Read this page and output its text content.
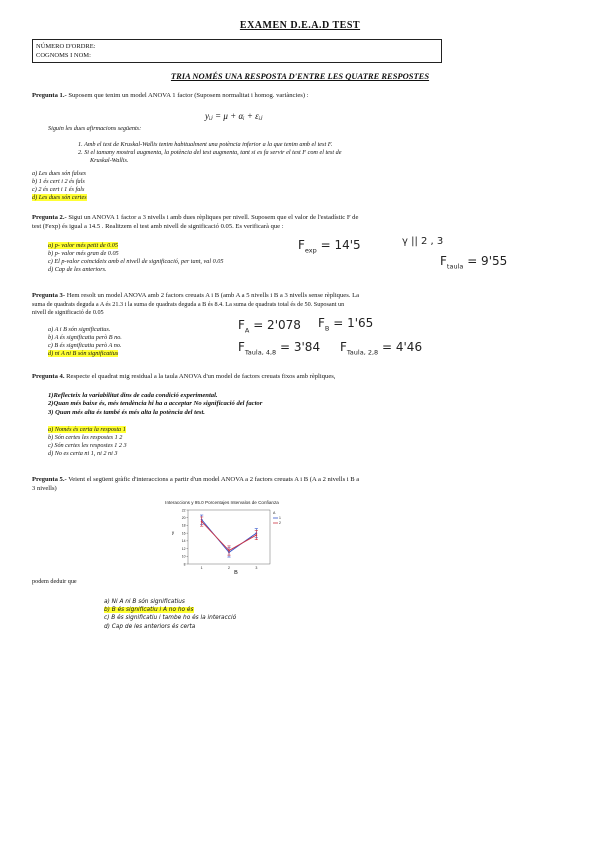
EXAMEN D.E.A.D TEST
NÚMERO D'ORDRE:
COGNOMS I NOM:
TRIA NOMÉS UNA RESPOSTA D'ENTRE LES QUATRE RESPOSTES
Pregunta 1.- Suposem que tenim un model ANOVA 1 factor (Suposem normalitat i homog. variàncies) :
yᵢⱼ = μ + αᵢ + εᵢⱼ
Siguin les dues afirmacions següents:
1. Amb el test de Kruskal-Wallis tenim habitualment una potència inferior a la que tenim amb el test F.
2. Si el tamany mostral augmenta, la potència del test augmenta, tant si es fa servir el test F com el test de
Kruskal-Wallis.
a) Les dues són falses
b) 1 és cert i 2 és fals
c) 2 és cert i 1 és fals
d) Les dues són certes
Pregunta 2.- Sigui un ANOVA 1 factor a 3 nivells i amb dues rèpliques per nivell. Suposem que el valor de l'estadístic F de
test (Fexp) és igual a 14.5 . Realitzem el test amb nivell de significació 0.05. Es verificarà que :
a) p- valor més petit de 0.05
b) p- valor més gran de 0.05
c) El p-valor coincideix amb el nivell de significació, per tant, val 0.05
d) Cap de les anteriors.
$F_{exp} = 14'5$	γ || 2 , 3
$F_{taula} = 9'55$
Pregunta 3- Hem resolt un model ANOVA amb 2 factors creuats A i B (amb A a 5 nivells i B a 3 nivells sense rèpliques. La
suma de quadrats deguda a A és 21.3 i la suma de quadrats deguda a B és 8.4. La suma de quadrats total és de 50. Suposant un
nivell de significació de 0.05
a) A i B són significatius.
b) A és significatiu però B no.
c) B és significatiu però A no.
d) ni A ni B són significatius
$F_A = 2'078$ $F_B = 1'65$
$F_{Taula, 4,8} = 3'84$ $F_{Taula, 2,8} = 4'46$
Pregunta 4. Respecte el quadrat mig residual a la taula ANOVA d'un model de factors creuats fixos amb rèpliques,
1)Reflecteix la variabilitat dins de cada condició experimental.
2)Quan més baixe és, més tendència hi ha a acceptar No significació del factor
3) Quan més alta és també és més alta la potència del test.
a) Només és certa la resposta 1
b) Són certes les respostes 1 2
c) Són certes les respostes 1 2 3
d) No es certa ni 1, ni 2 ni 3
Pregunta 5.- Veient el següent gràfic d'interaccions a partir d'un model ANOVA a 2 factors creuats A i B (A a 2 nivells i B a
3 nivells)
Interaccions y 95.0 Porcentajes Intervalos de Confianza
8
10
12
14
16
18
20
22
1	2	3
A
1
2
y
B
podem deduir que
a) Ni A ni B són significatius
b) B és significatiu i A no ho és
c) B és significatiu i tambe ho és la interacció
d) Cap de les anteriors és certa
